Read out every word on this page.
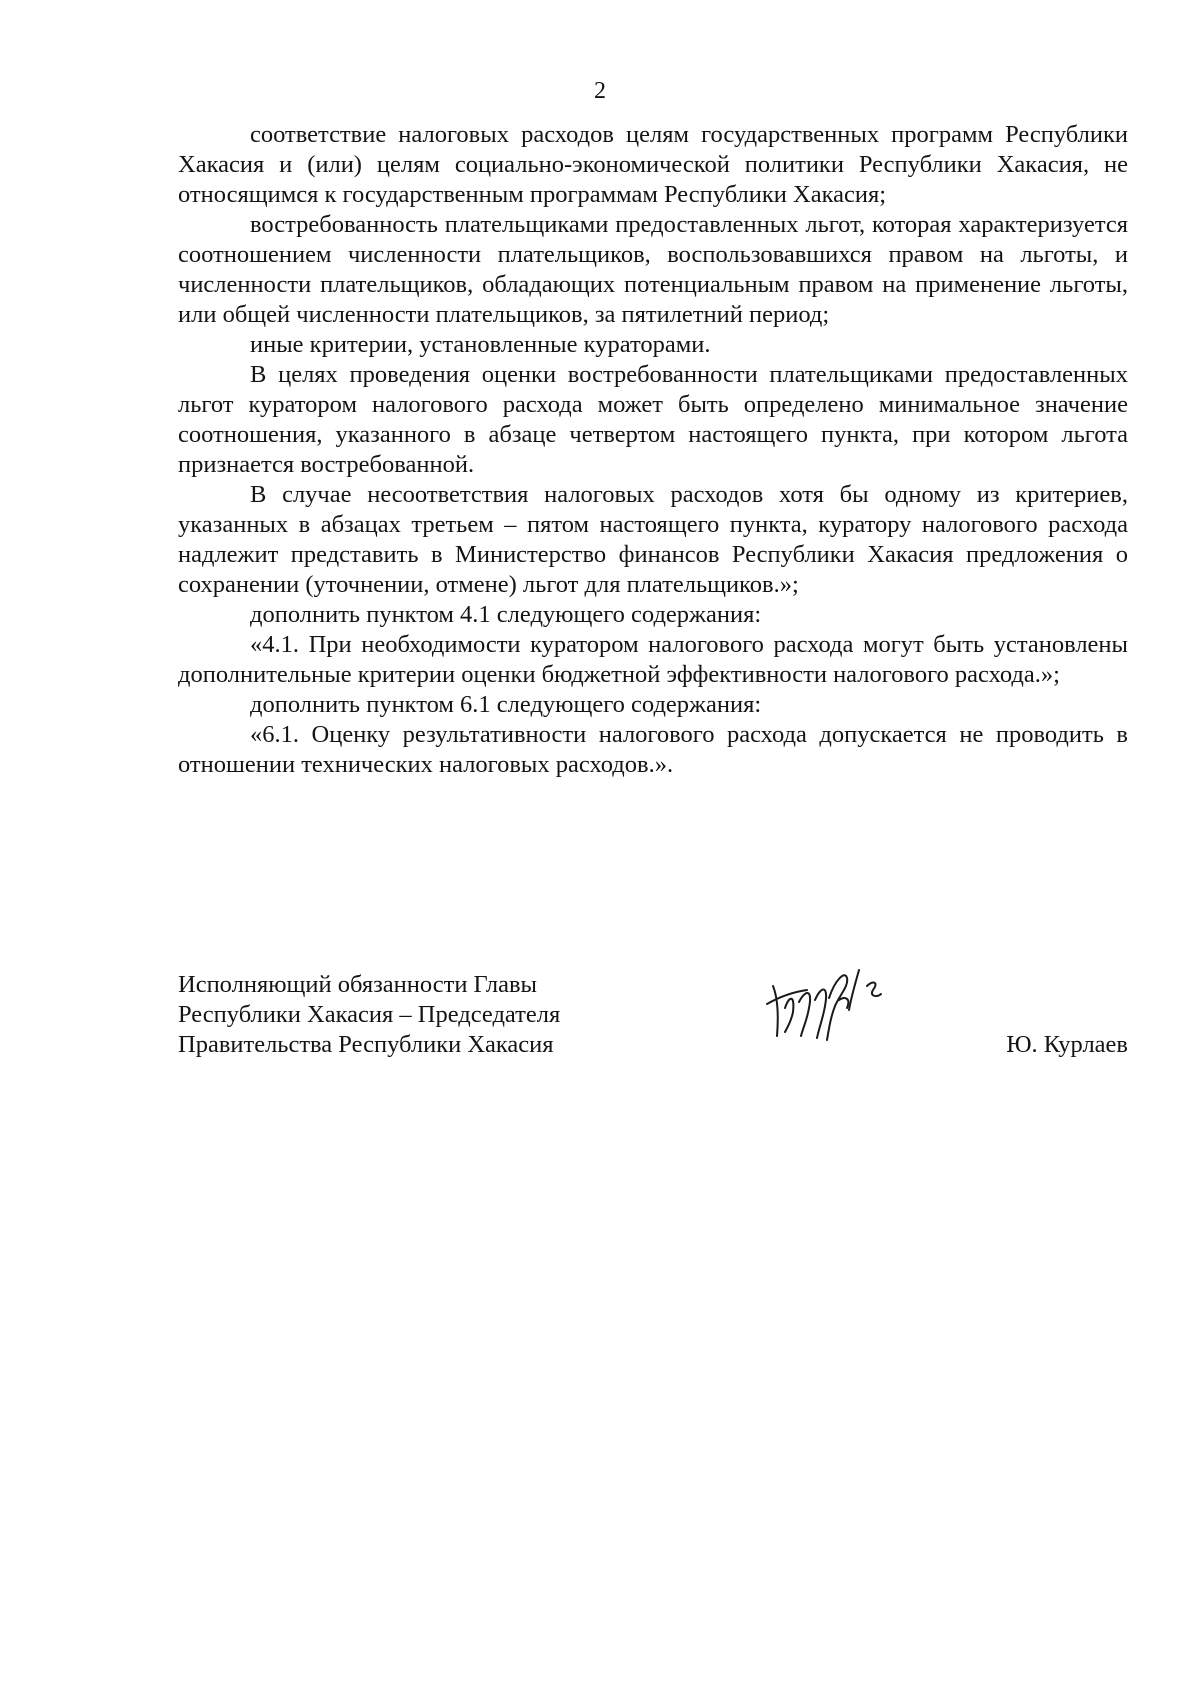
2

соответствие налоговых расходов целям государственных программ Республики Хакасия и (или) целям социально-экономической политики Республики Хакасия, не относящимся к государственным программам Республики Хакасия;

востребованность плательщиками предоставленных льгот, которая характеризуется соотношением численности плательщиков, воспользовавшихся правом на льготы, и численности плательщиков, обладающих потенциальным правом на применение льготы, или общей численности плательщиков, за пятилетний период;

иные критерии, установленные кураторами.

В целях проведения оценки востребованности плательщиками предоставленных льгот куратором налогового расхода может быть определено минимальное значение соотношения, указанного в абзаце четвертом настоящего пункта, при котором льгота признается востребованной.

В случае несоответствия налоговых расходов хотя бы одному из критериев, указанных в абзацах третьем – пятом настоящего пункта, куратору налогового расхода надлежит представить в Министерство финансов Республики Хакасия предложения о сохранении (уточнении, отмене) льгот для плательщиков.»;

дополнить пунктом 4.1 следующего содержания:

«4.1. При необходимости куратором налогового расхода могут быть установлены дополнительные критерии оценки бюджетной эффективности налогового расхода.»;

дополнить пунктом 6.1 следующего содержания:

«6.1. Оценку результативности налогового расхода допускается не проводить в отношении технических налоговых расходов.».

Исполняющий обязанности Главы
Республики Хакасия – Председателя
Правительства Республики Хакасия	Ю. Курлаев
